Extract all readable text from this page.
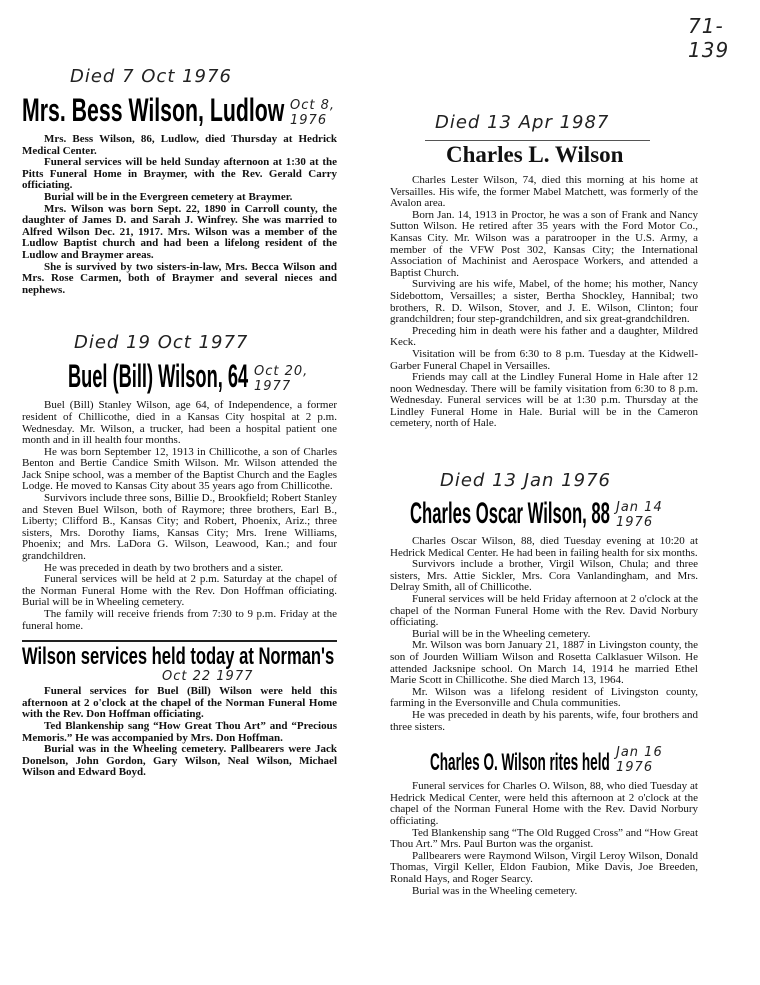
71-139
Died 7 Oct 1976
Mrs. Bess Wilson, Ludlow Oct 8, 1976

Mrs. Bess Wilson, 86, Ludlow, died Thursday at Hedrick Medical Center.

Funeral services will be held Sunday afternoon at 1:30 at the Pitts Funeral Home in Braymer, with the Rev. Gerald Carry officiating.

Burial will be in the Evergreen cemetery at Braymer.

Mrs. Wilson was born Sept. 22, 1890 in Carroll county, the daughter of James D. and Sarah J. Winfrey. She was married to Alfred Wilson Dec. 21, 1917. Mrs. Wilson was a member of the Ludlow Baptist church and had been a lifelong resident of the Ludlow and Braymer areas.

She is survived by two sisters-in-law, Mrs. Becca Wilson and Mrs. Rose Carmen, both of Braymer and several nieces and nephews.

Died 19 Oct 1977
Buel (Bill) Wilson, 64 Oct 20, 1977

Buel (Bill) Stanley Wilson, age 64, of Independence, a former resident of Chillicothe, died in a Kansas City hospital at 2 p.m. Wednesday. Mr. Wilson, a trucker, had been a hospital patient one month and in ill health four months.

He was born September 12, 1913 in Chillicothe, a son of Charles Benton and Bertie Candice Smith Wilson. Mr. Wilson attended the Jack Snipe school, was a member of the Baptist Church and the Eagles Lodge. He moved to Kansas City about 35 years ago from Chillicothe.

Survivors include three sons, Billie D., Brookfield; Robert Stanley and Steven Buel Wilson, both of Raymore; three brothers, Earl B., Liberty; Clifford B., Kansas City; and Robert, Phoenix, Ariz.; three sisters, Mrs. Dorothy Iiams, Kansas City; Mrs. Irene Williams, Phoenix; and Mrs. LaDora G. Wilson, Leawood, Kan.; and four grandchildren.

He was preceded in death by two brothers and a sister.

Funeral services will be held at 2 p.m. Saturday at the chapel of the Norman Funeral Home with the Rev. Don Hoffman officiating. Burial will be in Wheeling cemetery.

The family will receive friends from 7:30 to 9 p.m. Friday at the funeral home.

Wilson services held today at Norman's
Oct 22 1977

Funeral services for Buel (Bill) Wilson were held this afternoon at 2 o'clock at the chapel of the Norman Funeral Home with the Rev. Don Hoffman officiating.

Ted Blankenship sang “How Great Thou Art” and “Precious Memoris.” He was accompanied by Mrs. Don Hoffman.

Burial was in the Wheeling cemetery. Pallbearers were Jack Donelson, John Gordon, Gary Wilson, Neal Wilson, Michael Wilson and Edward Boyd.

Died 13 Apr 1987
Charles L. Wilson

Charles Lester Wilson, 74, died this morning at his home at Versailles. His wife, the former Mabel Matchett, was formerly of the Avalon area.

Born Jan. 14, 1913 in Proctor, he was a son of Frank and Nancy Sutton Wilson. He retired after 35 years with the Ford Motor Co., Kansas City. Mr. Wilson was a paratrooper in the U.S. Army, a member of the VFW Post 302, Kansas City; the International Association of Machinist and Aerospace Workers, and attended a Baptist Church.

Surviving are his wife, Mabel, of the home; his mother, Nancy Sidebottom, Versailles; a sister, Bertha Shockley, Hannibal; two brothers, R. D. Wilson, Stover, and J. E. Wilson, Clinton; four grandchildren; four step-grandchildren, and six great-grandchildren.

Preceding him in death were his father and a daughter, Mildred Keck.

Visitation will be from 6:30 to 8 p.m. Tuesday at the Kidwell-Garber Funeral Chapel in Versailles.

Friends may call at the Lindley Funeral Home in Hale after 12 noon Wednesday. There will be family visitation from 6:30 to 8 p.m. Wednesday. Funeral services will be at 1:30 p.m. Thursday at the Lindley Funeral Home in Hale. Burial will be in the Cameron cemetery, north of Hale.

Died 13 Jan 1976
Charles Oscar Wilson, 88 Jan 14 1976

Charles Oscar Wilson, 88, died Tuesday evening at 10:20 at Hedrick Medical Center. He had been in failing health for six months.

Survivors include a brother, Virgil Wilson, Chula; and three sisters, Mrs. Attie Sickler, Mrs. Cora Vanlandingham, and Mrs. Delray Smith, all of Chillicothe.

Funeral services will be held Friday afternoon at 2 o'clock at the chapel of the Norman Funeral Home with the Rev. David Norbury officiating.

Burial will be in the Wheeling cemetery.

Mr. Wilson was born January 21, 1887 in Livingston county, the son of Jourden William Wilson and Rosetta Calklasuer Wilson. He attended Jacksnipe school. On March 14, 1914 he married Ethel Marie Scott in Chillicothe. She died March 13, 1964.

Mr. Wilson was a lifelong resident of Livingston county, farming in the Eversonville and Chula communities.

He was preceded in death by his parents, wife, four brothers and three sisters.

Charles O. Wilson rites held Jan 16 1976

Funeral services for Charles O. Wilson, 88, who died Tuesday at Hedrick Medical Center, were held this afternoon at 2 o'clock at the chapel of the Norman Funeral Home with the Rev. David Norbury officiating.

Ted Blankenship sang “The Old Rugged Cross” and “How Great Thou Art.” Mrs. Paul Burton was the organist.

Pallbearers were Raymond Wilson, Virgil Leroy Wilson, Donald Thomas, Virgil Keller, Eldon Faubion, Mike Davis, Joe Breeden, Ronald Hays, and Roger Searcy.

Burial was in the Wheeling cemetery.
